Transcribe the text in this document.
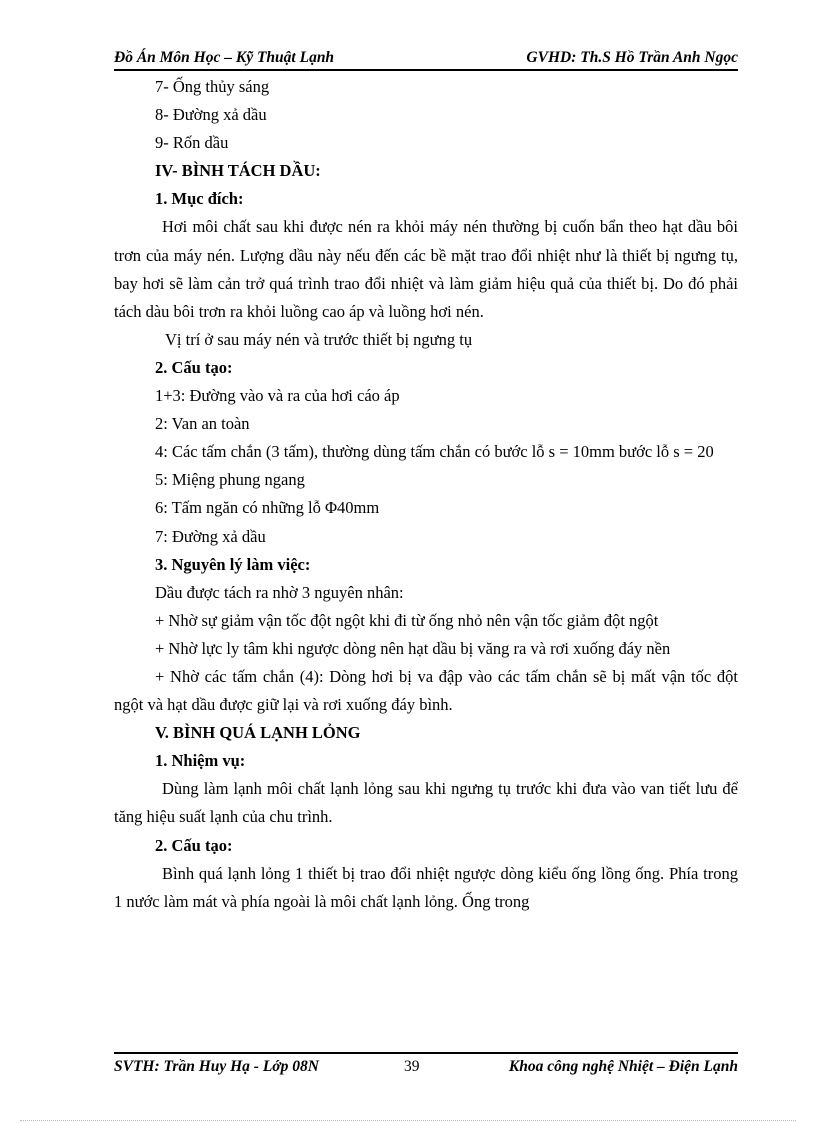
Đồ Án Môn Học – Kỹ Thuật Lạnh	GVHD: Th.S Hồ Trần Anh Ngọc

7- Ống thủy sáng

8- Đường xả dầu

9- Rốn dầu

IV- BÌNH TÁCH DẦU:

1. Mục đích:

Hơi môi chất sau khi được nén ra khỏi máy nén thường bị cuốn bẩn theo hạt dầu bôi trơn của máy nén. Lượng dầu này nếu đến các bề mặt trao đổi nhiệt như là thiết bị ngưng tụ, bay hơi sẽ làm cản trở quá trình trao đổi nhiệt và làm giảm hiệu quả của thiết bị. Do đó phải tách dàu bôi trơn ra khỏi luồng cao áp và luồng hơi nén.

Vị trí ở sau máy nén và trước thiết bị ngưng tụ

2. Cấu tạo:

1+3: Đường vào và ra của hơi cáo áp

2: Van an toàn

4: Các tấm chắn (3 tấm), thường dùng tấm chắn có bước lỗ s = 10mm bước lỗ s = 20

5: Miệng phung ngang

6: Tấm ngăn có những lỗ Φ40mm

7: Đường xả dầu

3. Nguyên lý làm việc:

Dầu được tách ra nhờ 3 nguyên nhân:

+ Nhờ sự giảm vận tốc đột ngột khi đi từ ống nhỏ nên vận tốc giảm đột ngột

+ Nhờ lực ly tâm khi ngược dòng nên hạt dầu bị văng ra và rơi xuống đáy nền

+ Nhờ các tấm chắn (4): Dòng hơi bị va đập vào các tấm chắn sẽ bị mất vận tốc đột ngột và hạt dầu được giữ lại và rơi xuống đáy bình.

V. BÌNH QUÁ LẠNH LỎNG

1. Nhiệm vụ:

Dùng làm lạnh môi chất lạnh lỏng sau khi ngưng tụ trước khi đưa vào van tiết lưu để tăng hiệu suất lạnh của chu trình.

2. Cấu tạo:

Bình quá lạnh lỏng 1 thiết bị trao đổi nhiệt ngược dòng kiểu ống lồng ống. Phía trong 1 nước làm mát và phía ngoài là môi chất lạnh lỏng. Ống trong

SVTH: Trần Huy Hạ - Lớp 08N	39	Khoa công nghệ Nhiệt – Điện Lạnh
